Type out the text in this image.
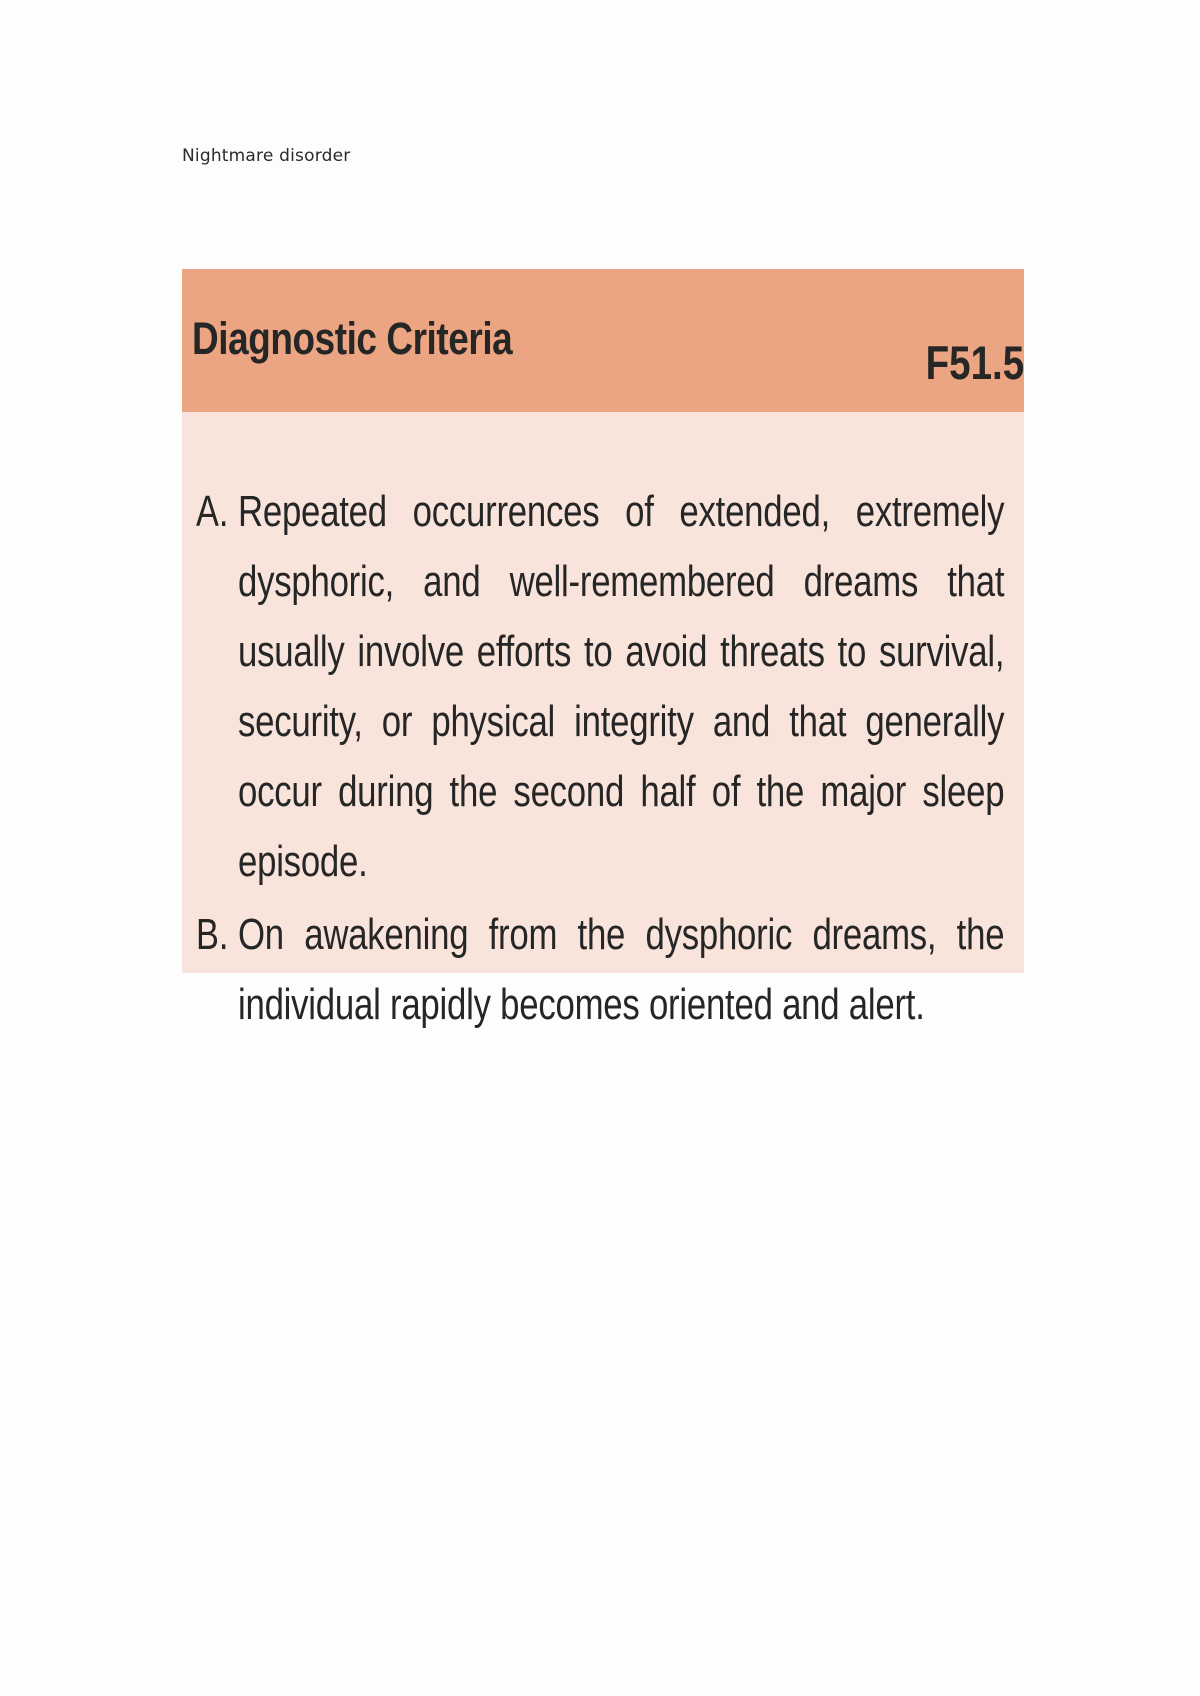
Nightmare disorder
Diagnostic Criteria	F51.5
A. Repeated occurrences of extended, extremely dysphoric, and well-remembered dreams that usually involve efforts to avoid threats to survival, security, or physical integrity and that generally occur during the second half of the major sleep episode.
B. On awakening from the dysphoric dreams, the individual rapidly becomes oriented and alert.
